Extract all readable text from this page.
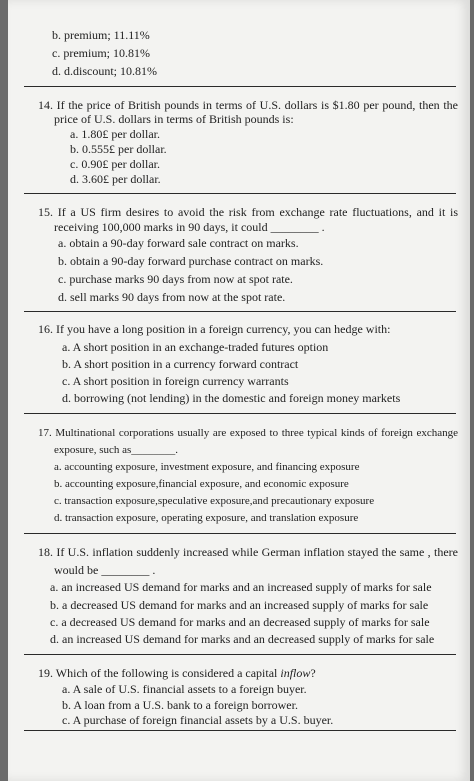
b. premium; 11.11%
c. premium; 10.81%
d. d.discount; 10.81%
14. If the price of British pounds in terms of U.S. dollars is $1.80 per pound, then the
price of U.S. dollars in terms of British pounds is:
a. 1.80£ per dollar.
b. 0.555£ per dollar.
c. 0.90£ per dollar.
d. 3.60£ per dollar.
15. If a US firm desires to avoid the risk from exchange rate fluctuations, and it is
receiving 100,000 marks in 90 days, it could ________ .
a. obtain a 90-day forward sale contract on marks.
b. obtain a 90-day forward purchase contract on marks.
c. purchase marks 90 days from now at spot rate.
d. sell marks 90 days from now at the spot rate.
16. If you have a long position in a foreign currency, you can hedge with:
a. A short position in an exchange-traded futures option
b. A short position in a currency forward contract
c. A short position in foreign currency warrants
d. borrowing (not lending) in the domestic and foreign money markets
17. Multinational corporations usually are exposed to three typical kinds of foreign exchange
exposure, such as________.
a. accounting exposure, investment exposure, and financing exposure
b. accounting exposure,financial exposure, and economic exposure
c. transaction exposure,speculative exposure,and precautionary exposure
d. transaction exposure, operating exposure, and translation exposure
18. If U.S. inflation suddenly increased while German inflation stayed the same , there
would be ________ .
a. an increased US demand for marks and an increased supply of marks for sale
b. a decreased US demand for marks and an increased supply of marks for sale
c. a decreased US demand for marks and an decreased supply of marks for sale
d. an increased US demand for marks and an decreased supply of marks for sale
19. Which of the following is considered a capital inflow?
a. A sale of U.S. financial assets to a foreign buyer.
b. A loan from a U.S. bank to a foreign borrower.
c. A purchase of foreign financial assets by a U.S. buyer.
